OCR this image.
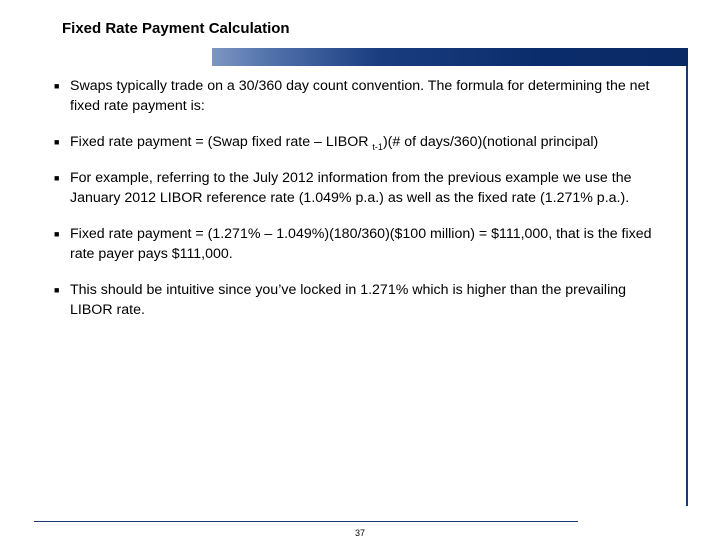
Fixed Rate Payment Calculation
■ Swaps typically trade on a 30/360 day count convention. The formula for determining the net fixed rate payment is:
■ Fixed rate payment = (Swap fixed rate – LIBOR $_{t-1}$)(# of days/360)(notional principal)
■ For example, referring to the July 2012 information from the previous example we use the January 2012 LIBOR reference rate (1.049% p.a.) as well as the fixed rate (1.271% p.a.).
■ Fixed rate payment = (1.271% – 1.049%)(180/360)($100 million) = $111,000, that is the fixed rate payer pays $111,000.
■ This should be intuitive since you’ve locked in 1.271% which is higher than the prevailing LIBOR rate.
37
